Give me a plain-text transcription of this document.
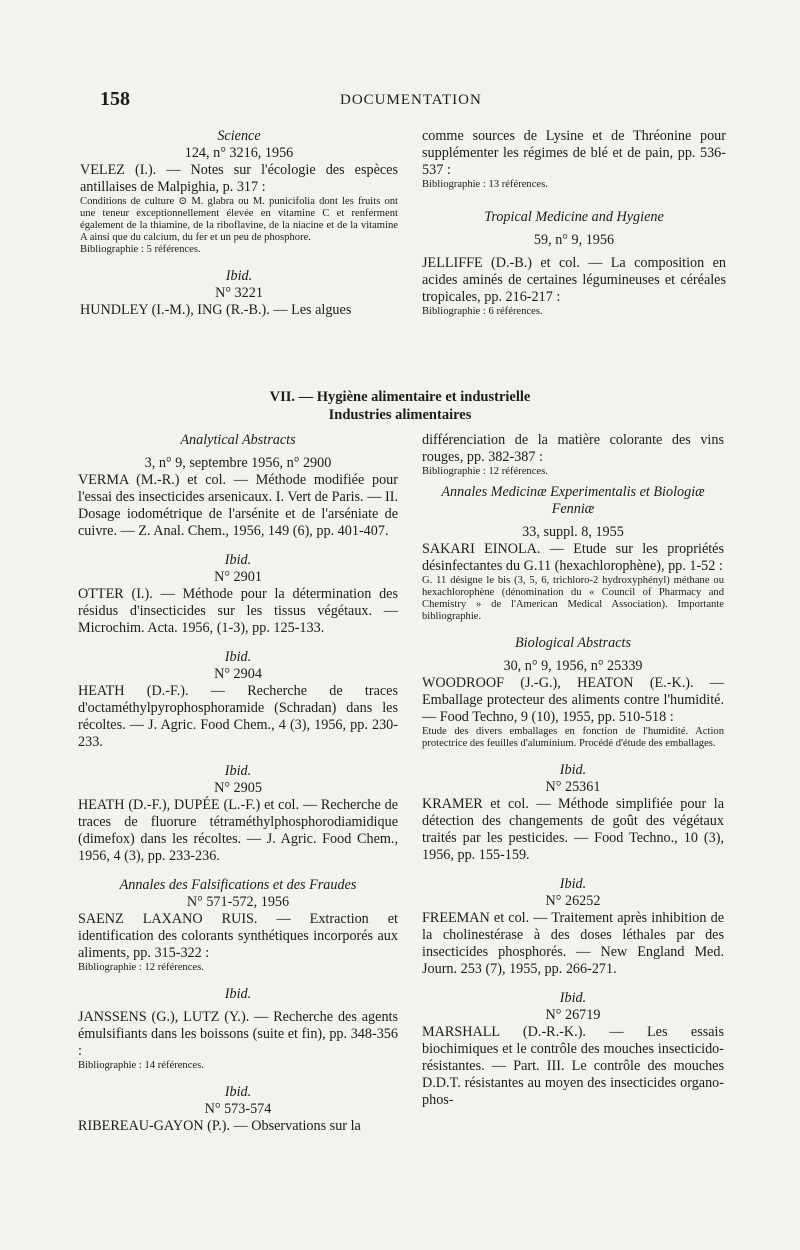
158	DOCUMENTATION

Science

124, n° 3216, 1956

VELEZ (I.). — Notes sur l'écologie des espèces antillaises de Malpighia, p. 317 :

Conditions de culture ⊙ M. glabra ou M. punicifolia dont les fruits ont une teneur exceptionnellement élevée en vitamine C et renferment également de la thiamine, de la riboflavine, de la niacine et de la vitamine A ainsi que du calcium, du fer et un peu de phosphore.

Bibliographie : 5 références.

Ibid.

N° 3221

HUNDLEY (I.-M.), ING (R.-B.). — Les algues

comme sources de Lysine et de Thréonine pour supplémenter les régimes de blé et de pain, pp. 536-537 :

Bibliographie : 13 références.

Tropical Medicine and Hygiene

59, n° 9, 1956

JELLIFFE (D.-B.) et col. — La composition en acides aminés de certaines légumineuses et céréales tropicales, pp. 216-217 :

Bibliographie : 6 références.

VII. — Hygiène alimentaire et industrielle
Industries alimentaires

Analytical Abstracts

3, n° 9, septembre 1956, n° 2900

VERMA (M.-R.) et col. — Méthode modifiée pour l'essai des insecticides arsenicaux. I. Vert de Paris. — II. Dosage iodométrique de l'arsénite et de l'arséniate de cuivre. — Z. Anal. Chem., 1956, 149 (6), pp. 401-407.

Ibid.

N° 2901

OTTER (I.). — Méthode pour la détermination des résidus d'insecticides sur les tissus végétaux. — Microchim. Acta. 1956, (1-3), pp. 125-133.

Ibid.

N° 2904

HEATH (D.-F.). — Recherche de traces d'octaméthylpyrophosphoramide (Schradan) dans les récoltes. — J. Agric. Food Chem., 4 (3), 1956, pp. 230-233.

Ibid.

N° 2905

HEATH (D.-F.), DUPÉE (L.-F.) et col. — Recherche de traces de fluorure tétraméthylphosphorodiamidique (dimefox) dans les récoltes. — J. Agric. Food Chem., 1956, 4 (3), pp. 233-236.

Annales des Falsifications et des Fraudes

N° 571-572, 1956

SAENZ LAXANO RUIS. — Extraction et identification des colorants synthétiques incorporés aux aliments, pp. 315-322 :

Bibliographie : 12 références.

Ibid.

JANSSENS (G.), LUTZ (Y.). — Recherche des agents émulsifiants dans les boissons (suite et fin), pp. 348-356 :

Bibliographie : 14 références.

Ibid.

N° 573-574

RIBEREAU-GAYON (P.). — Observations sur la

différenciation de la matière colorante des vins rouges, pp. 382-387 :

Bibliographie : 12 références.

Annales Medicinæ Experimentalis et Biologiæ Fenniæ

33, suppl. 8, 1955

SAKARI EINOLA. — Etude sur les propriétés désinfectantes du G.11 (hexachlorophène), pp. 1-52 :

G. 11 désigne le bis (3, 5, 6, trichloro-2 hydroxyphényl) méthane ou hexachlorophène (dénomination du « Council of Pharmacy and Chemistry » de l'American Medical Association). Importante bibliographie.

Biological Abstracts

30, n° 9, 1956, n° 25339

WOODROOF (J.-G.), HEATON (E.-K.). — Emballage protecteur des aliments contre l'humidité. — Food Techno, 9 (10), 1955, pp. 510-518 :

Etude des divers emballages en fonction de l'humidité. Action protectrice des feuilles d'aluminium. Procédé d'étude des emballages.

Ibid.

N° 25361

KRAMER et col. — Méthode simplifiée pour la détection des changements de goût des végétaux traités par les pesticides. — Food Techno., 10 (3), 1956, pp. 155-159.

Ibid.

N° 26252

FREEMAN et col. — Traitement après inhibition de la cholinestérase à des doses léthales par des insecticides phosphorés. — New England Med. Journ. 253 (7), 1955, pp. 266-271.

Ibid.

N° 26719

MARSHALL (D.-R.-K.). — Les essais biochimiques et le contrôle des mouches insecticido-résistantes. — Part. III. Le contrôle des mouches D.D.T. résistantes au moyen des insecticides organo-phos-
